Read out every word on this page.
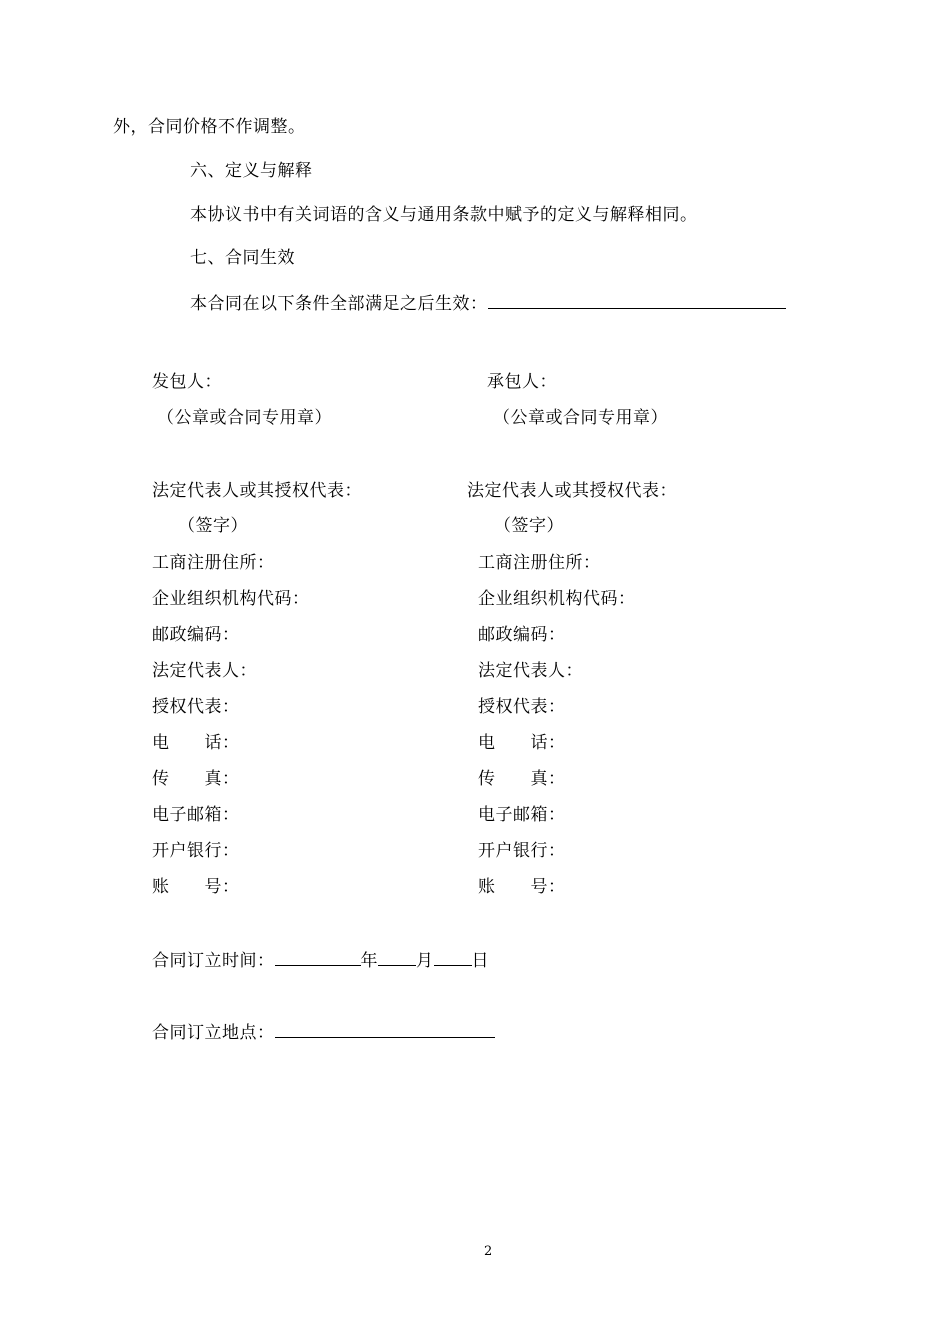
外，合同价格不作调整。
六、定义与解释
本协议书中有关词语的含义与通用条款中赋予的定义与解释相同。
七、合同生效
本合同在以下条件全部满足之后生效：
发包人：
（公章或合同专用章）
法定代表人或其授权代表：
（签字）
工商注册住所：
企业组织机构代码：
邮政编码：
法定代表人：
授权代表：
电　　话：
传　　真：
电子邮箱：
开户银行：
账　　号：
承包人：
（公章或合同专用章）
法定代表人或其授权代表：
（签字）
工商注册住所：
企业组织机构代码：
邮政编码：
法定代表人：
授权代表：
电　　话：
传　　真：
电子邮箱：
开户银行：
账　　号：
合同订立时间：	年 月 日
合同订立地点：
2
